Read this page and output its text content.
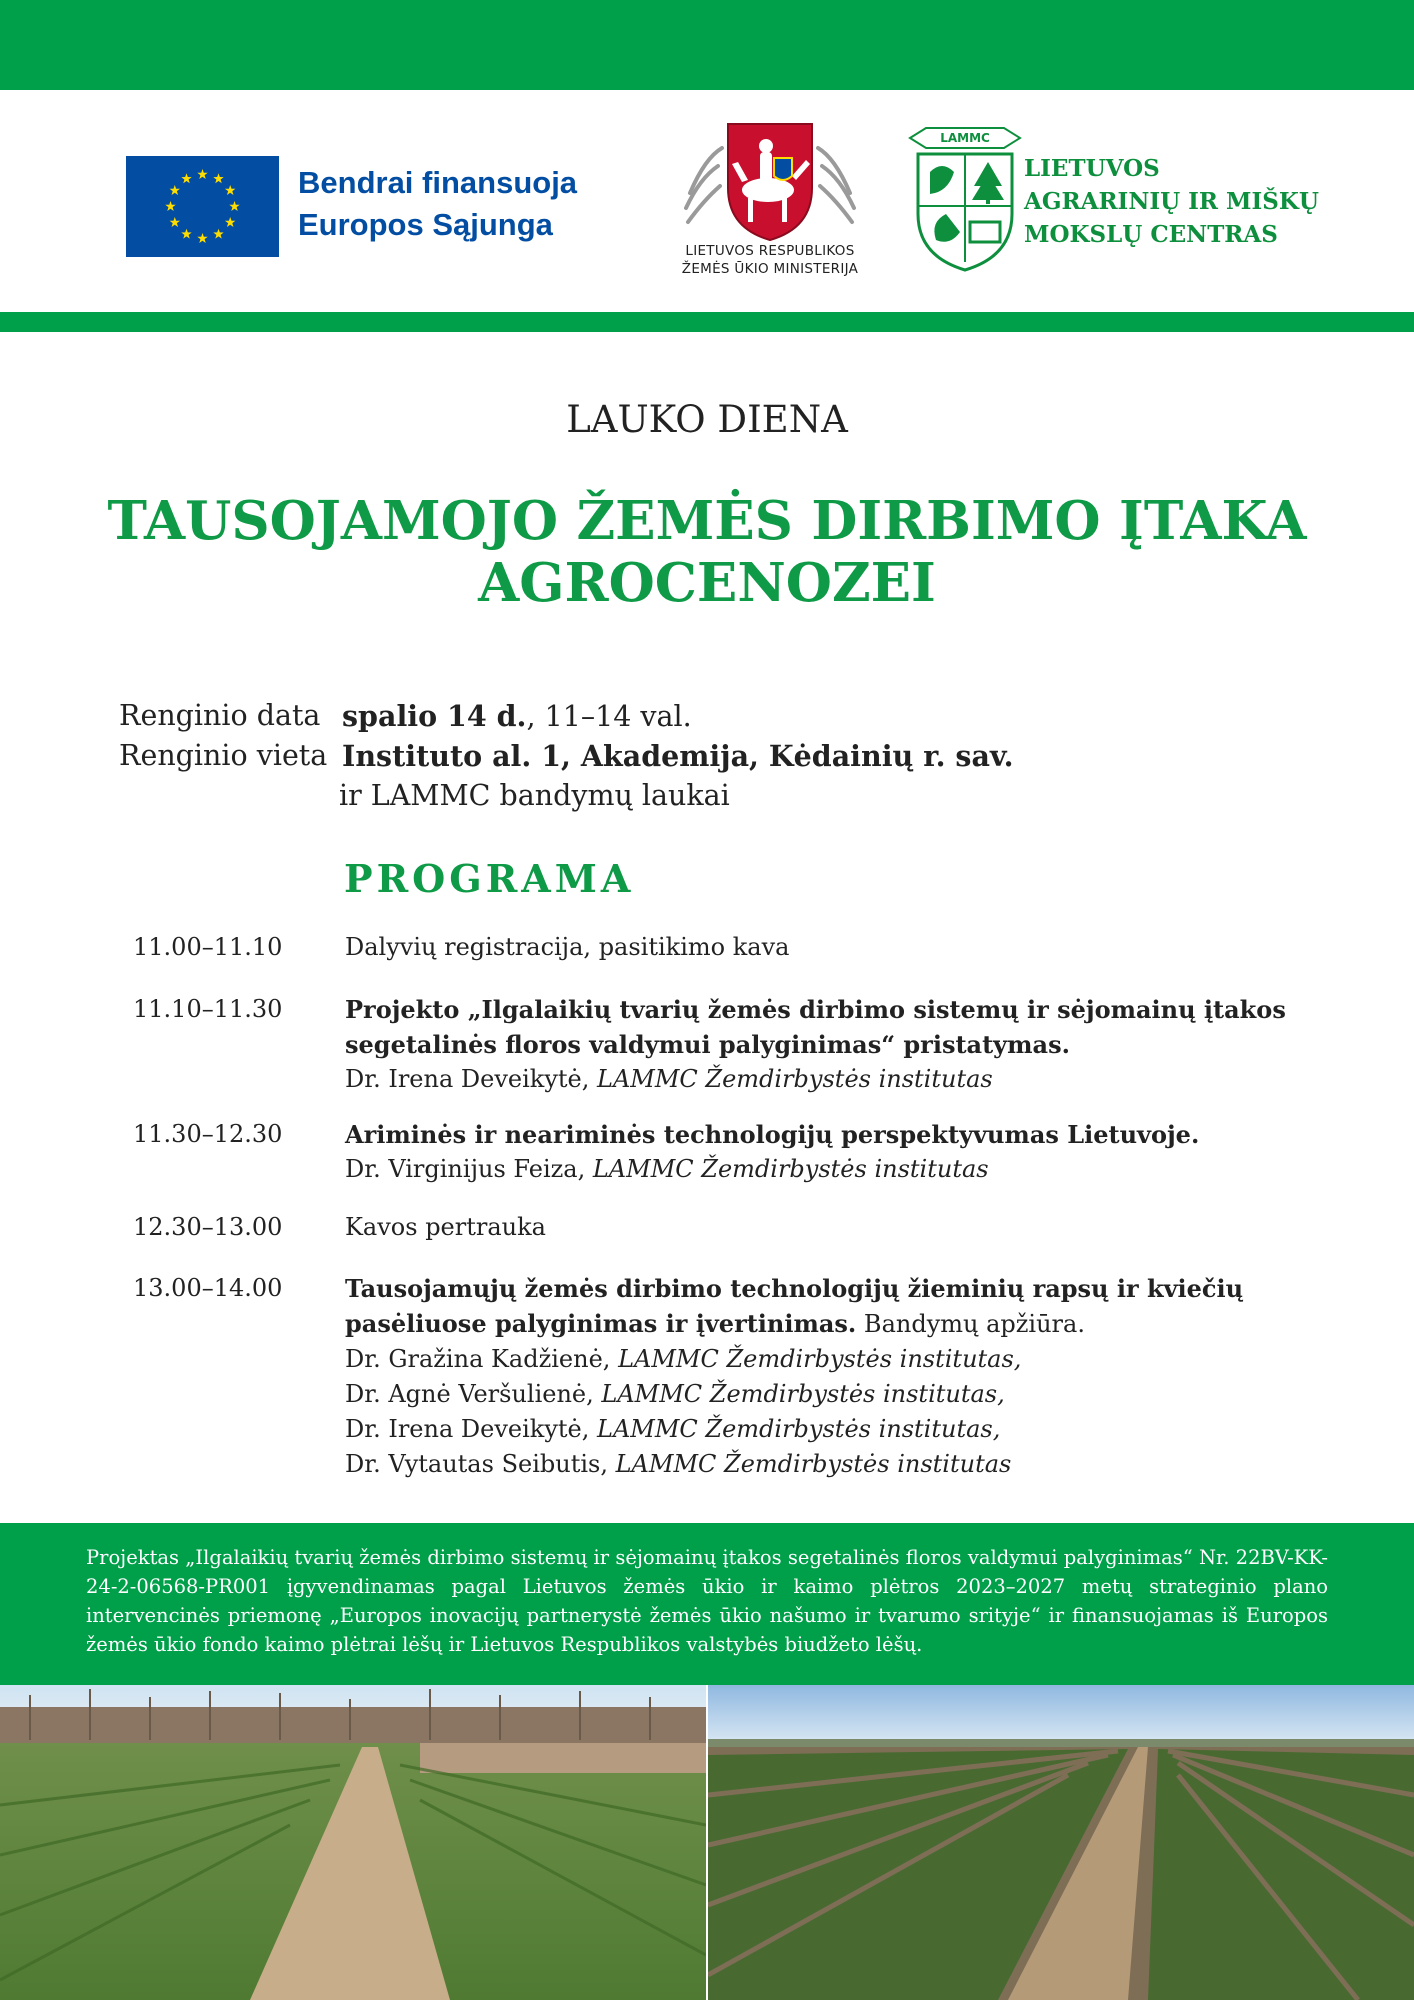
Bendrai finansuoja
Europos Sąjunga
LIETUVOS RESPUBLIKOS
ŽEMĖS ŪKIO MINISTERIJA
LAMMC
LIETUVOS
AGRARINIŲ IR MIŠKŲ
MOKSLŲ CENTRAS
LAUKO DIENA
TAUSOJAMOJO ŽEMĖS DIRBIMO ĮTAKA
AGROCENOZEI
Renginio data spalio 14 d., 11–14 val.
Renginio vieta Instituto al. 1, Akademija, Kėdainių r. sav.
ir LAMMC bandymų laukai
PROGRAMA
11.00–11.10	Dalyvių registracija, pasitikimo kava
11.10–11.30	Projekto „Ilgalaikių tvarių žemės dirbimo sistemų ir sėjomainų įtakos
segetalinės floros valdymui palyginimas“ pristatymas.
Dr. Irena Deveikytė, LAMMC Žemdirbystės institutas
11.30–12.30	Ariminės ir neariminės technologijų perspektyvumas Lietuvoje.
Dr. Virginijus Feiza, LAMMC Žemdirbystės institutas
12.30–13.00	Kavos pertrauka
13.00–14.00	Tausojamųjų žemės dirbimo technologijų žieminių rapsų ir kviečių
pasėliuose palyginimas ir įvertinimas. Bandymų apžiūra.
Dr. Gražina Kadžienė, LAMMC Žemdirbystės institutas,
Dr. Agnė Veršulienė, LAMMC Žemdirbystės institutas,
Dr. Irena Deveikytė, LAMMC Žemdirbystės institutas,
Dr. Vytautas Seibutis, LAMMC Žemdirbystės institutas
Projektas „Ilgalaikių tvarių žemės dirbimo sistemų ir sėjomainų įtakos segetalinės floros valdymui palyginimas“ Nr. 22BV-KK-24-2-06568-PR001 įgyvendinamas pagal Lietuvos žemės ūkio ir kaimo plėtros 2023–2027 metų strateginio plano intervencinės priemonę „Europos inovacijų partnerystė žemės ūkio našumo ir tvarumo srityje“ ir finansuojamas iš Europos žemės ūkio fondo kaimo plėtrai lėšų ir Lietuvos Respublikos valstybės biudžeto lėšų.
